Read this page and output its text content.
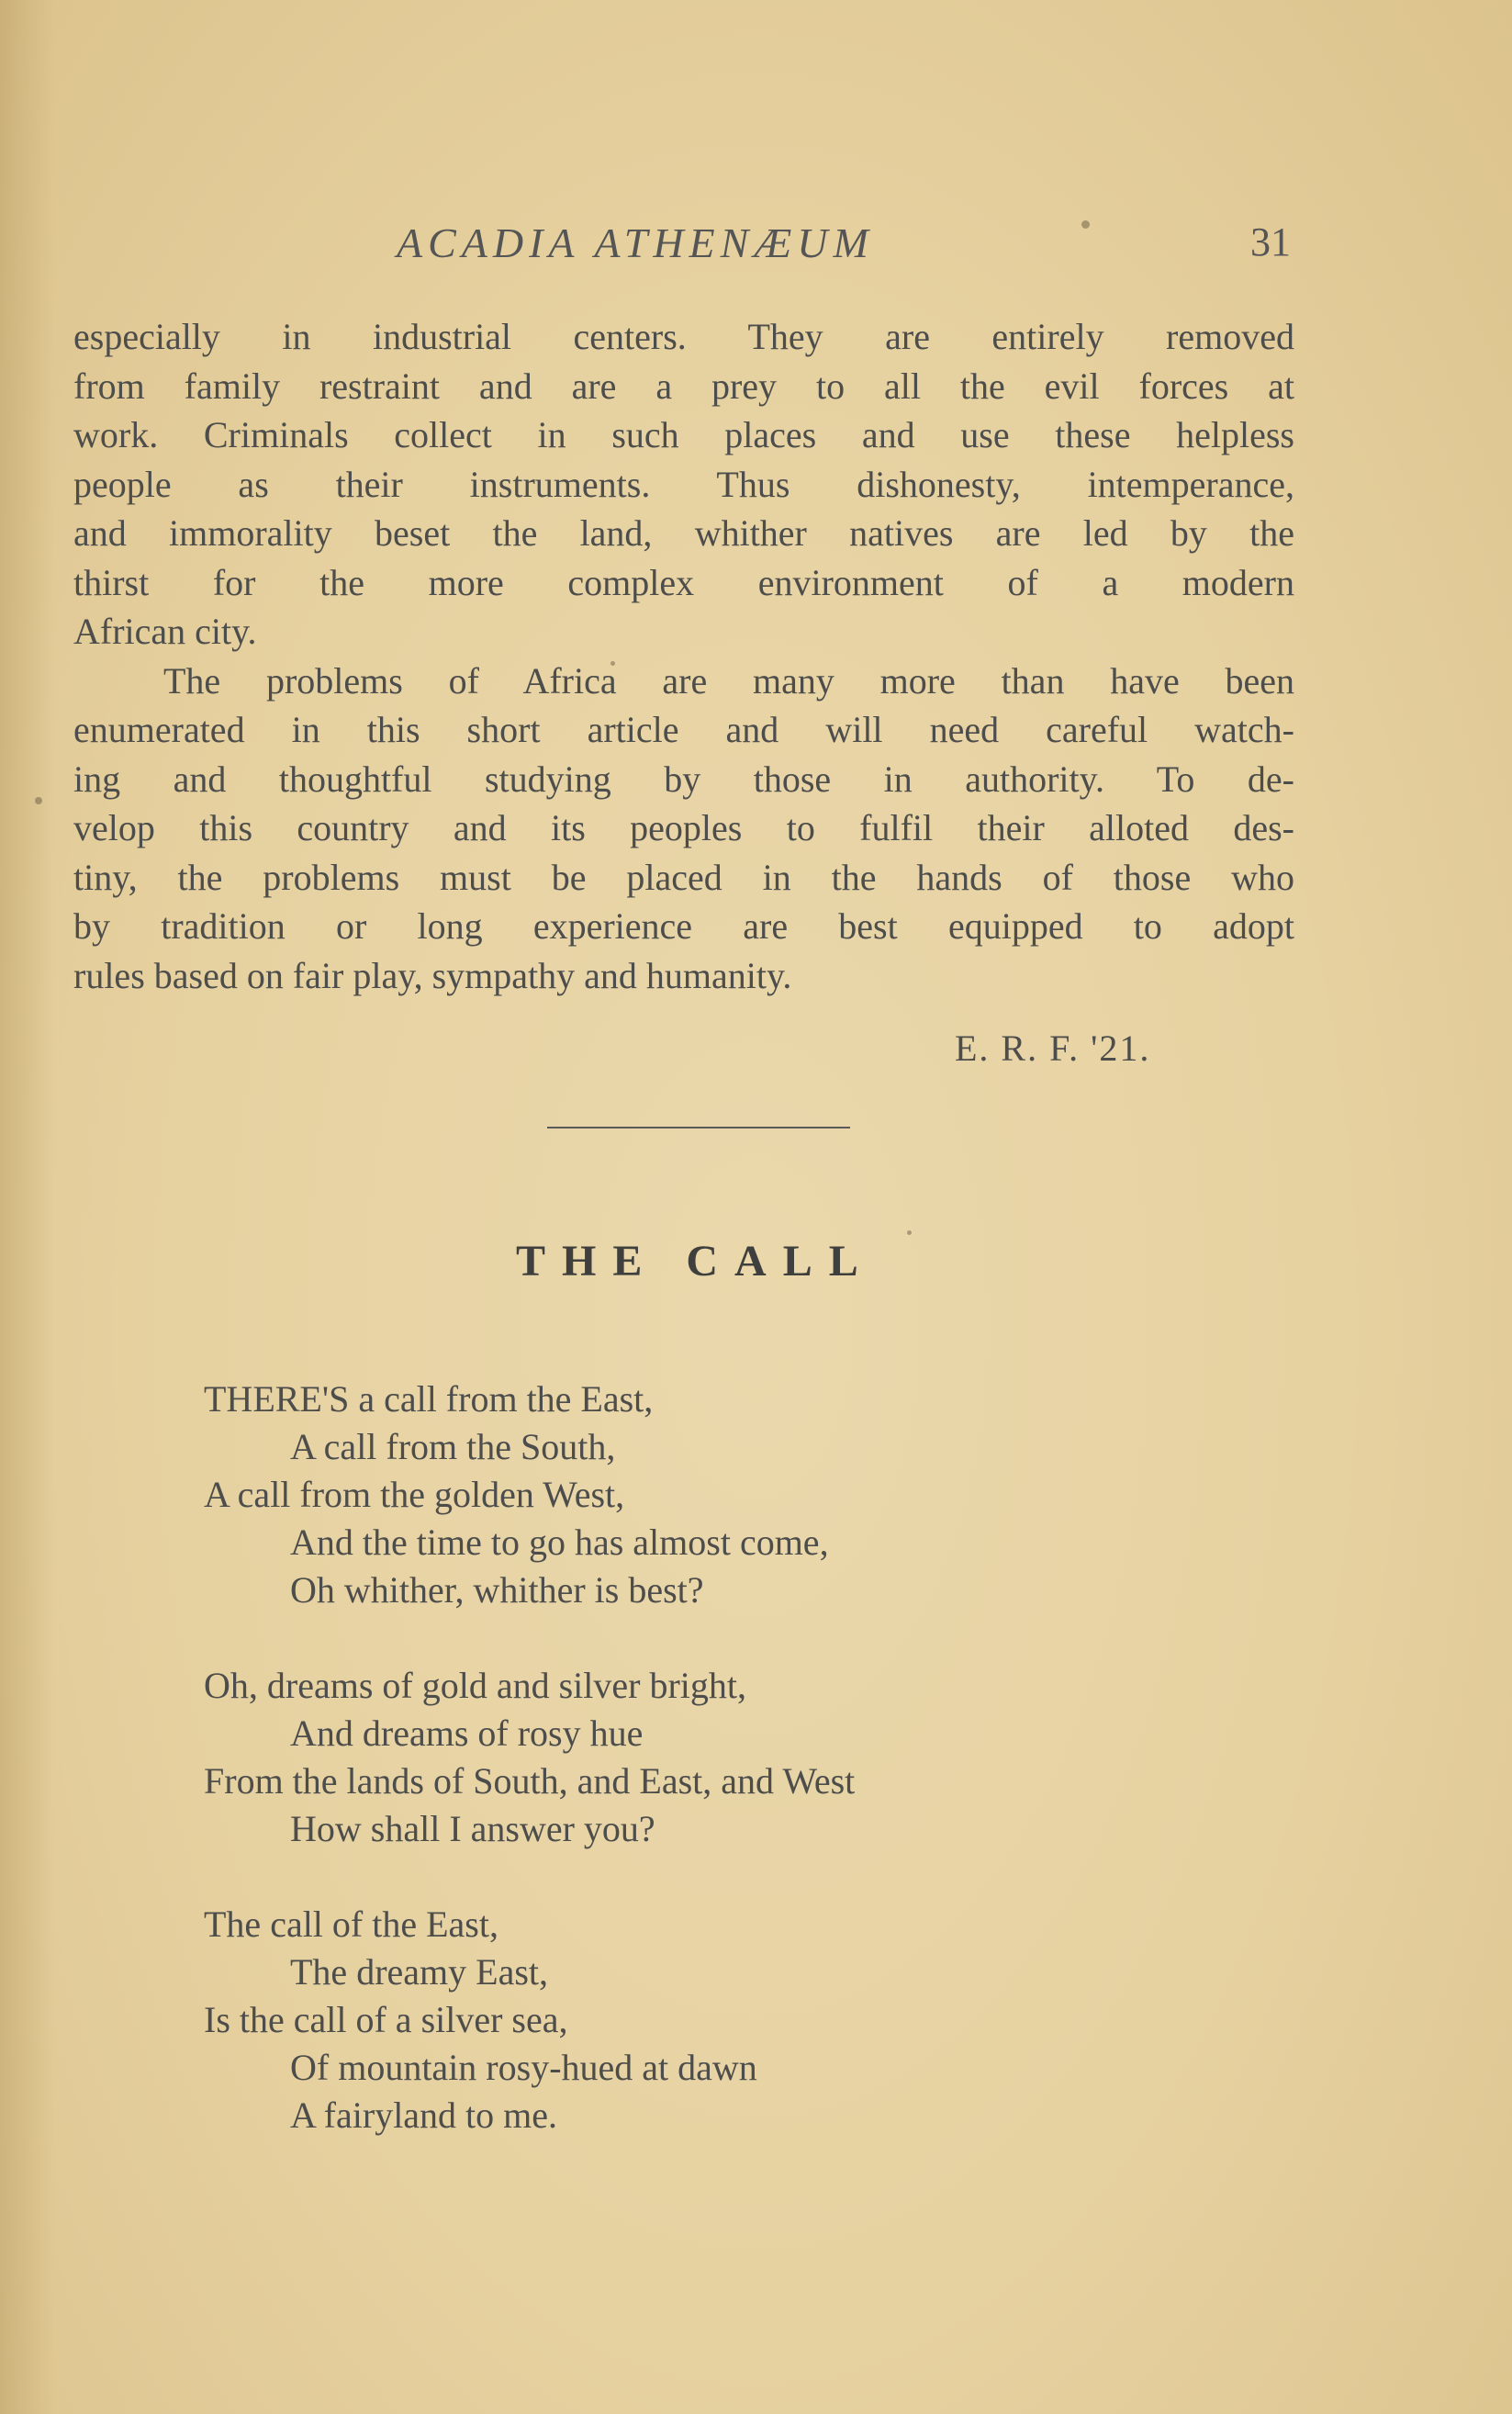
ACADIA ATHENÆUM	31
especially in industrial centers. They are entirely removed
from family restraint and are a prey to all the evil forces at
work. Criminals collect in such places and use these helpless
people as their instruments. Thus dishonesty, intemperance,
and immorality beset the land, whither natives are led by the
thirst for the more complex environment of a modern
African city.
The problems of Africa are many more than have been
enumerated in this short article and will need careful watch-
ing and thoughtful studying by those in authority. To de-
velop this country and its peoples to fulfil their alloted des-
tiny, the problems must be placed in the hands of those who
by tradition or long experience are best equipped to adopt
rules based on fair play, sympathy and humanity.
E. R. F. '21.
THE CALL
THERE'S a call from the East,
A call from the South,
A call from the golden West,
And the time to go has almost come,
Oh whither, whither is best?
Oh, dreams of gold and silver bright,
And dreams of rosy hue
From the lands of South, and East, and West
How shall I answer you?
The call of the East,
The dreamy East,
Is the call of a silver sea,
Of mountain rosy-hued at dawn
A fairyland to me.
